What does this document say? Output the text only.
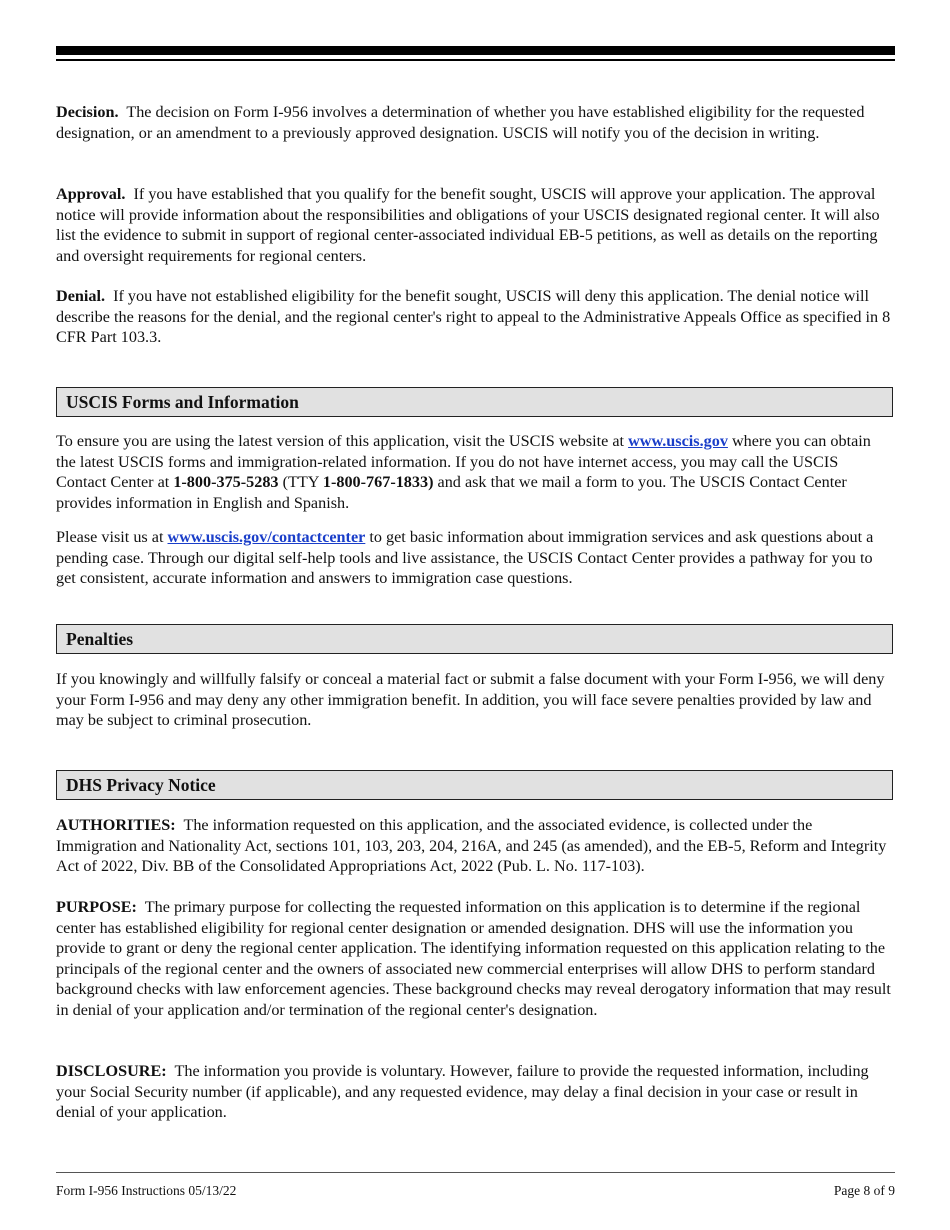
Decision. The decision on Form I-956 involves a determination of whether you have established eligibility for the requested designation, or an amendment to a previously approved designation. USCIS will notify you of the decision in writing.

Approval. If you have established that you qualify for the benefit sought, USCIS will approve your application. The approval notice will provide information about the responsibilities and obligations of your USCIS designated regional center. It will also list the evidence to submit in support of regional center-associated individual EB-5 petitions, as well as details on the reporting and oversight requirements for regional centers.

Denial. If you have not established eligibility for the benefit sought, USCIS will deny this application. The denial notice will describe the reasons for the denial, and the regional center's right to appeal to the Administrative Appeals Office as specified in 8 CFR Part 103.3.

USCIS Forms and Information

To ensure you are using the latest version of this application, visit the USCIS website at www.uscis.gov where you can obtain the latest USCIS forms and immigration-related information. If you do not have internet access, you may call the USCIS Contact Center at 1-800-375-5283 (TTY 1-800-767-1833) and ask that we mail a form to you. The USCIS Contact Center provides information in English and Spanish.

Please visit us at www.uscis.gov/contactcenter to get basic information about immigration services and ask questions about a pending case. Through our digital self-help tools and live assistance, the USCIS Contact Center provides a pathway for you to get consistent, accurate information and answers to immigration case questions.

Penalties

If you knowingly and willfully falsify or conceal a material fact or submit a false document with your Form I-956, we will deny your Form I-956 and may deny any other immigration benefit. In addition, you will face severe penalties provided by law and may be subject to criminal prosecution.

DHS Privacy Notice

AUTHORITIES: The information requested on this application, and the associated evidence, is collected under the Immigration and Nationality Act, sections 101, 103, 203, 204, 216A, and 245 (as amended), and the EB-5, Reform and Integrity Act of 2022, Div. BB of the Consolidated Appropriations Act, 2022 (Pub. L. No. 117-103).

PURPOSE: The primary purpose for collecting the requested information on this application is to determine if the regional center has established eligibility for regional center designation or amended designation. DHS will use the information you provide to grant or deny the regional center application. The identifying information requested on this application relating to the principals of the regional center and the owners of associated new commercial enterprises will allow DHS to perform standard background checks with law enforcement agencies. These background checks may reveal derogatory information that may result in denial of your application and/or termination of the regional center's designation.

DISCLOSURE: The information you provide is voluntary. However, failure to provide the requested information, including your Social Security number (if applicable), and any requested evidence, may delay a final decision in your case or result in denial of your application.

Form I-956 Instructions 05/13/22	Page 8 of 9
